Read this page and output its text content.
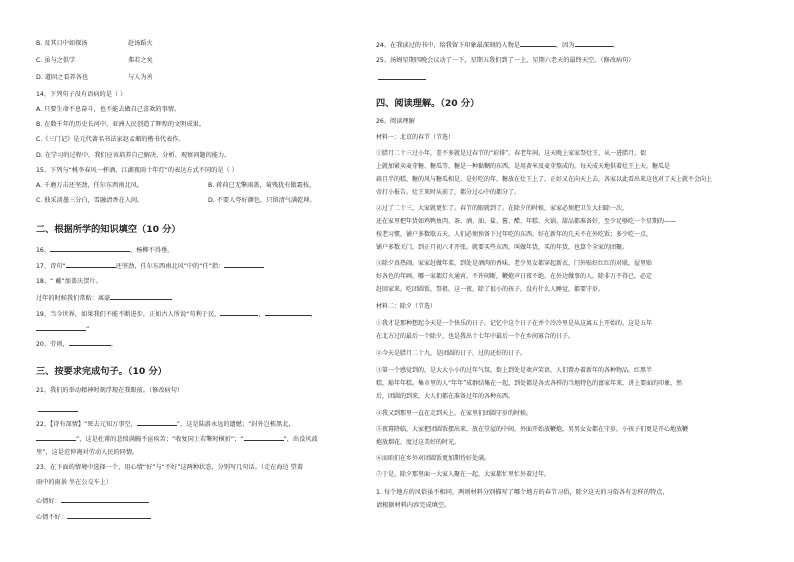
B. 及其日中如探汤	赴汤蹈火
C. 虽与之俱学	弗若之矣
D. 道固之看养各也	与人为善
14、下列句子没有语病的是（ ）
A. 只要生命不息奋斗，也不能去做自己喜欢的事情。
B. 在数千年的历史长河中，亚洲人民创造了辉煌的文明成果。
C.《三门记》是元代著名书法家赵孟頫的楷书代表作。
D. 在学习的过程中，我们应该培养自己解决、分析、观察问题的能力。
15、下列与“桃李春风一杯酒，江湖夜雨十年灯”的表达方式不同的是（ ）
A. 千磨万击还坚劲，任尔东西南北风。	B. 蒋荷已无擎雨盖，菊残犹有傲霜枝。
C. 独采淡墨三分白，雪融清香在人间。	D. 不要人夸好颜色，只留清气满乾坤。
二、根据所学的知识填空（10 分）
16、	，杨柳不得垂。
17、诗句“	还坚劲，任尔东西南北风”中的“任”指：
18、“ 戴”加盖庆贺片。
过年的时候我们常贴：离豪
19、当今世界，如果我们不能不断进步，正如古人所说“苟利于民，	，	，
”
20、劳则，	。
三、按要求完成句子。（10 分）
21、我们的举动精神时刻浮现在我眼前。（修改病句）
22、【诗有深情】“死去元知万事空，	”，这是陆游永远的遗憾；“封外岂栋黑北，
”，这是杜甫的悲愤满胸不宦疾苦；“收复国土若擎时横折”；“	”，出没风波
里”，这是范仲淹对劳动人民的同情。
23、在下面的情境中选择一个，用心情“好”与“不好”这两种状态，分别写几句话。（走在海边 望着
雨中的雨景 坐在公交车上）
心情好：
心情不好：
24、在我读过的书中，给我留下印象最深刻的人物是	，因为	。
25、汤姆星期四晚会议动了一下，星期五我们到了一上，星期六老天的最终天空。（修改病句）
四、阅读理解。（20 分）
26、阅读理解
材料一：北京的春节（节选）
①腊月二十三过小年，差不多就是过春节的“彩排”。春老年间，这天晚上家家祭灶王，从一进腊月，街
上就加紧卖麦芽糖、糖瓜等，糖是一种黏糊的东西，是用黄米及麦芽熬成的，每天成天地供着灶王上天。糖瓜是
扁且半的糕，糖的风与糖瓜相是，是好吃的年，糖放在灶王上了，正好又在向天上去，各家以此看出来这也对了天上就不会向上
帝打小报告。灶王来时从前了，都分过心中的都分了。
②过了二十三，大家就更忙了。春节的眼就到了。在除夕的时候，家家必须把卫生大扫除一次，
还在家里把年货如鸡鸭鱼肉、茶、酒、油、盐、酱、醋、年糕、火锅、甜品都准备好，至少足够吃一个星期的——
按老习惯，铺户多数歇五天，人们必须预备下过年吃的东西，好在新年的几天不在外吃饭；多少吃一点，
铺户多数关门，到正月初六才开张。就要买些东西，叫做年货，买的年货，也算个全家的团聚。
③除夕真热闹。家家赶做年菜，到处是酒肉的香味。老少男女都穿起新衣，门外贴好红红的对联，屋里贴
好各色的年画，哪一家都灯火通宵，不许间断，鞭炮声日夜不绝。在外边做事的人，除非万不得已，必定
赶回家来，吃团圆饭，祭祖。这一夜，除了很小的孩子，没有什么人睡觉，都要守岁。
材料二：除夕（节选）
①我才是那种想起今天是一个快乐的日子。记忆中这个日子在并个冷冷里是从这离五上开始的。这是五年
在北方过的最后一个除夕，也是我出十七年中最后一个在乡间寡合的日子。
②今天是腊月二十九，是团圆的日子，过的还好的日子。
③第一个感觉到的，是大大小小的过年气氛。街上到处是欢声笑语，人们置办着新年的各种物品，红黑半
糕，豁年年糕。集市里的人“年年”成群结集在一起，到处都是各式各样的当地特色的富家年来，讲上要面的印象，然
后，团圆的到来，大人们都在准备过年的各种东西。
④我又到那里一直在走到天上，在家里们团圆守岁的时候。
⑤夜幕降临，大家把团圆饭摆出来，放在堂屋的中间。外面开始放鞭炮，男男女女都在守岁，小孩子们更是开心地放鞭
炮放烟花，度过这美好的时光。
⑥而咱们在乡外对团圆饭更加期待好处满。
⑦于是，除夕那里面一大家人聚在一起，大家都忙里忙外着过年。
1. 每个地方的风俗虽不相同，两则材料分别描写了哪个地方的春节习俗，除夕这天的习俗各有怎样的特点，
请根据材料内容完成填空。
